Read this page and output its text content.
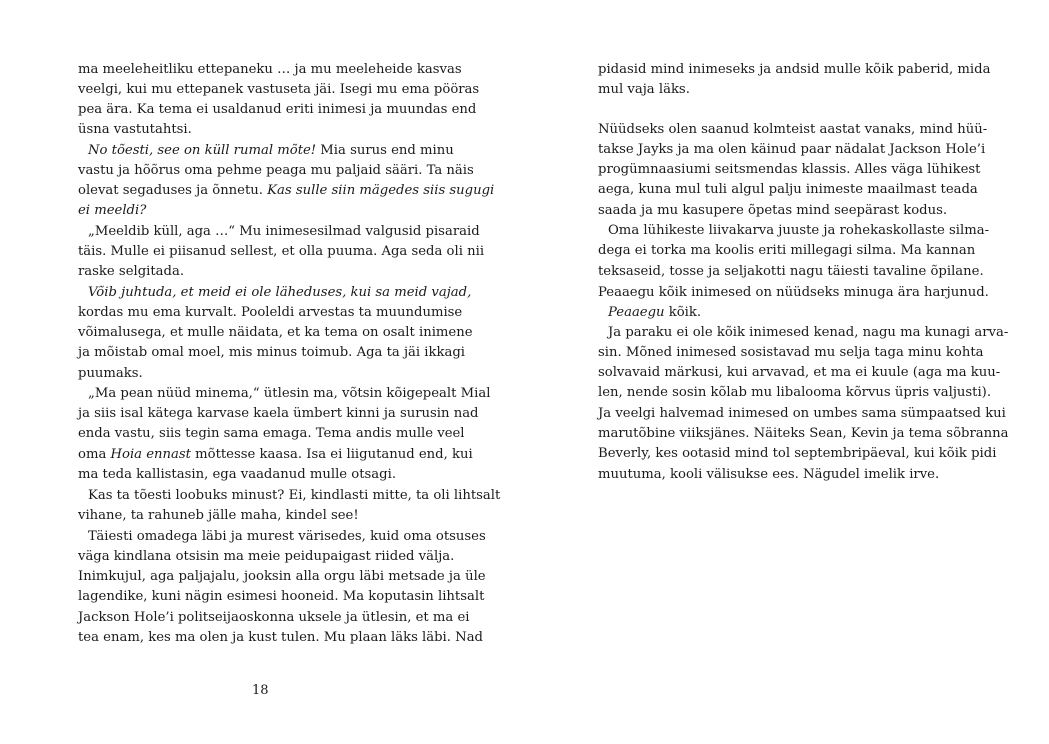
ma meeleheitliku ettepaneku … ja mu meeleheide kasvas
veelgi, kui mu ettepanek vastuseta jäi. Isegi mu ema pööras
pea ära. Ka tema ei usaldanud eriti inimesi ja muundas end
üsna vastutahtsi.
No tõesti, see on küll rumal mõte! Mia surus end minu
vastu ja hõõrus oma pehme peaga mu paljaid sääri. Ta näis
olevat segaduses ja õnnetu. Kas sulle siin mägedes siis sugugi
ei meeldi?
„Meeldib küll, aga …“ Mu inimesesilmad valgusid pisaraid
täis. Mulle ei piisanud sellest, et olla puuma. Aga seda oli nii
raske selgitada.
Võib juhtuda, et meid ei ole läheduses, kui sa meid vajad,
kordas mu ema kurvalt. Pooleldi arvestas ta muundumise
võimalusega, et mulle näidata, et ka tema on osalt inimene
ja mõistab omal moel, mis minus toimub. Aga ta jäi ikkagi
puumaks.
„Ma pean nüüd minema,“ ütlesin ma, võtsin kõigepealt Mial
ja siis isal kätega karvase kaela ümbert kinni ja surusin nad
enda vastu, siis tegin sama emaga. Tema andis mulle veel
oma Hoia ennast mõttesse kaasa. Isa ei liigutanud end, kui
ma teda kallistasin, ega vaadanud mulle otsagi.
Kas ta tõesti loobuks minust? Ei, kindlasti mitte, ta oli lihtsalt
vihane, ta rahuneb jälle maha, kindel see!
Täiesti omadega läbi ja murest värisedes, kuid oma otsuses
väga kindlana otsisin ma meie peidupaigast riided välja.
Inimkujul, aga paljajalu, jooksin alla orgu läbi metsade ja üle
lagendike, kuni nägin esimesi hooneid. Ma koputasin lihtsalt
Jackson Hole’i politseijaoskonna uksele ja ütlesin, et ma ei
tea enam, kes ma olen ja kust tulen. Mu plaan läks läbi. Nad
pidasid mind inimeseks ja andsid mulle kõik paberid, mida
mul vaja läks.
Nüüdseks olen saanud kolmteist aastat vanaks, mind hüü-
takse Jayks ja ma olen käinud paar nädalat Jackson Hole’i
progümnaasiumi seitsmendas klassis. Alles väga lühikest
aega, kuna mul tuli algul palju inimeste maailmast teada
saada ja mu kasupere õpetas mind seepärast kodus.
Oma lühikeste liivakarva juuste ja rohekaskollaste silma-
dega ei torka ma koolis eriti millegagi silma. Ma kannan
teksaseid, tosse ja seljakotti nagu täiesti tavaline õpilane.
Peaaegu kõik inimesed on nüüdseks minuga ära harjunud.
Peaaegu kõik.
Ja paraku ei ole kõik inimesed kenad, nagu ma kunagi arva-
sin. Mõned inimesed sosistavad mu selja taga minu kohta
solvavaid märkusi, kui arvavad, et ma ei kuule (aga ma kuu-
len, nende sosin kõlab mu libalooma kõrvus üpris valjusti).
Ja veelgi halvemad inimesed on umbes sama sümpaatsed kui
marutõbine viiksjänes. Näiteks Sean, Kevin ja tema sõbranna
Beverly, kes ootasid mind tol septembripäeval, kui kõik pidi
muutuma, kooli välisukse ees. Nägudel imelik irve.
18
